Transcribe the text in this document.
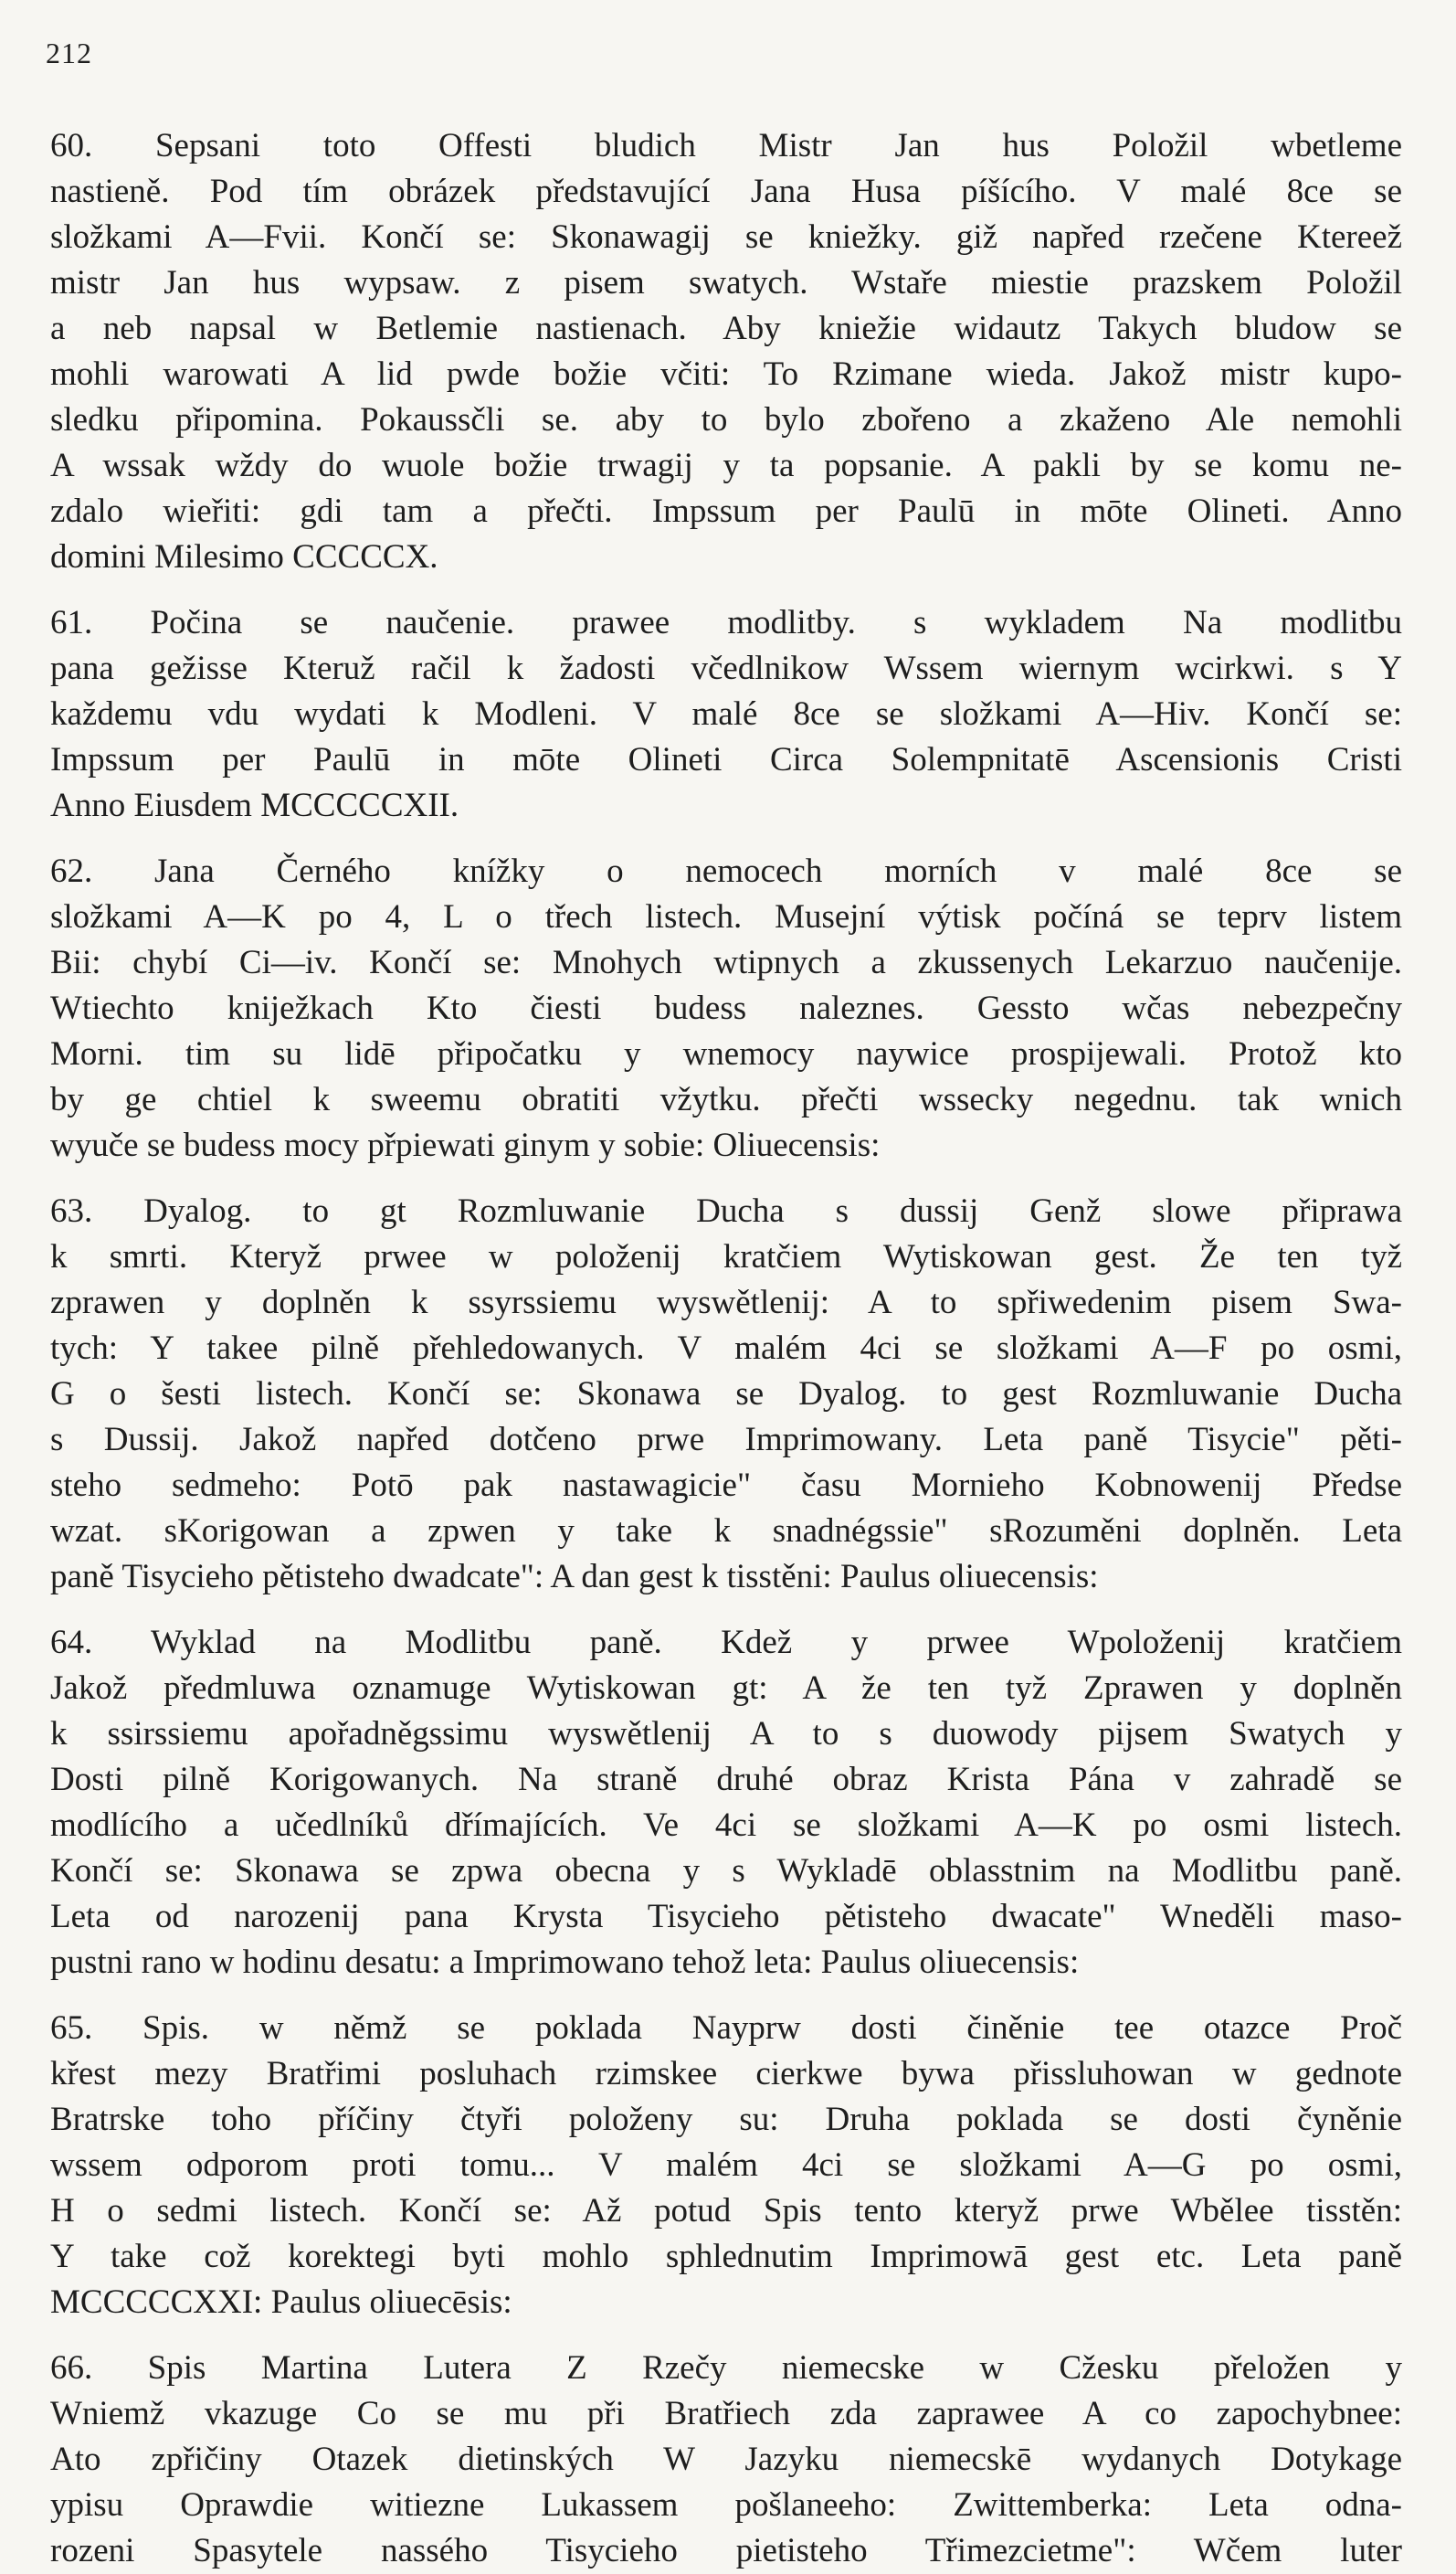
212
60. Sepsani toto Offesti bludich Mistr Jan hus Položil wbetleme
nastieně. Pod tím obrázek představující Jana Husa píšícího. V malé 8ce se
složkami A—Fvii. Končí se: Skonawagij se kniežky. giž napřed rzečene Ktereež
mistr Jan hus wypsaw. z pisem swatych. Wstaře miestie prazskem Položil
a neb napsal w Betlemie nastienach. Aby kniežie widautz Takych bludow se
mohli warowati A lid pwde božie včiti: To Rzimane wieda. Jakož mistr kupo-
sledku připomina. Pokaussčli se. aby to bylo zbořeno a zkaženo Ale nemohli
A wssak wždy do wuole božie trwagij y ta popsanie. A pakli by se komu ne-
zdalo wieřiti: gdi tam a přečti. Impssum per Paulū in mōte Olineti. Anno
domini Milesimo CCCCCX.
61. Počina se naučenie. prawee modlitby. s wykladem Na modlitbu
pana gežisse Kteruž račil k žadosti včedlnikow Wssem wiernym wcirkwi. s Y
každemu vdu wydati k Modleni. V malé 8ce se složkami A—Hiv. Končí se:
Impssum per Paulū in mōte Olineti Circa Solempnitatē Ascensionis Cristi
Anno Eiusdem MCCCCCXII.
62. Jana Černého knížky o nemocech morních v malé 8ce se
složkami A—K po 4, L o třech listech. Musejní výtisk počíná se teprv listem
Bii: chybí Ci—iv. Končí se: Mnohych wtipnych a zkussenych Lekarzuo naučenije.
Wtiechto kniježkach Kto čiesti budess naleznes. Gessto wčas nebezpečny
Morni. tim su lidē připočatku y wnemocy naywice prospijewali. Protož kto
by ge chtiel k sweemu obratiti vžytku. přečti wssecky negednu. tak wnich
wyuče se budess mocy přpiewati ginym y sobie: Oliuecensis:
63. Dyalog. to gt Rozmluwanie Ducha s dussij Genž slowe připrawa
k smrti. Kteryž prwee w položenij kratčiem Wytiskowan gest. Že ten tyž
zprawen y doplněn k ssyrssiemu wyswětlenij: A to spřiwedenim pisem Swa-
tych: Y takee pilně přehledowanych. V malém 4ci se složkami A—F po osmi,
G o šesti listech. Končí se: Skonawa se Dyalog. to gest Rozmluwanie Ducha
s Dussij. Jakož napřed dotčeno prwe Imprimowany. Leta paně Tisycie" pěti-
steho sedmeho: Potō pak nastawagicie" času Mornieho Kobnowenij Předse
wzat. sKorigowan a zpwen y take k snadnégssie" sRozuměni doplněn. Leta
paně Tisycieho pětisteho dwadcate": A dan gest k tisstěni: Paulus oliuecensis:
64. Wyklad na Modlitbu paně. Kdež y prwee Wpoloženij kratčiem
Jakož předmluwa oznamuge Wytiskowan gt: A že ten tyž Zprawen y doplněn
k ssirssiemu apořadněgssimu wyswětlenij A to s duowody pijsem Swatych y
Dosti pilně Korigowanych. Na straně druhé obraz Krista Pána v zahradě se
modlícího a učedlníků dřímajících. Ve 4ci se složkami A—K po osmi listech.
Končí se: Skonawa se zpwa obecna y s Wykladē oblasstnim na Modlitbu paně.
Leta od narozenij pana Krysta Tisycieho pětisteho dwacate" Wneděli maso-
pustni rano w hodinu desatu: a Imprimowano tehož leta: Paulus oliuecensis:
65. Spis. w němž se poklada Nayprw dosti činěnie tee otazce Proč
křest mezy Bratřimi posluhach rzimskee cierkwe bywa přissluhowan w gednote
Bratrske toho příčiny čtyři položeny su: Druha poklada se dosti čyněnie
wssem odporom proti tomu... V malém 4ci se složkami A—G po osmi,
H o sedmi listech. Končí se: Až potud Spis tento kteryž prwe Wbělee tisstěn:
Y take což korektegi byti mohlo sphlednutim Imprimowā gest etc. Leta paně
MCCCCCXXI: Paulus oliuecēsis:
66. Spis Martina Lutera Z Rzečy niemecske w Cžesku přeložen y
Wniemž vkazuge Co se mu při Bratřiech zda zaprawee A co zapochybnee:
Ato zpřičiny Otazek dietinských W Jazyku niemecskē wydanych Dotykage
ypisu Oprawdie witiezne Lukassem pošlaneeho: Zwittemberka: Leta odna-
rozeni Spasytele nassého Tisycieho pietisteho Třimezcietme": Wčem luter
